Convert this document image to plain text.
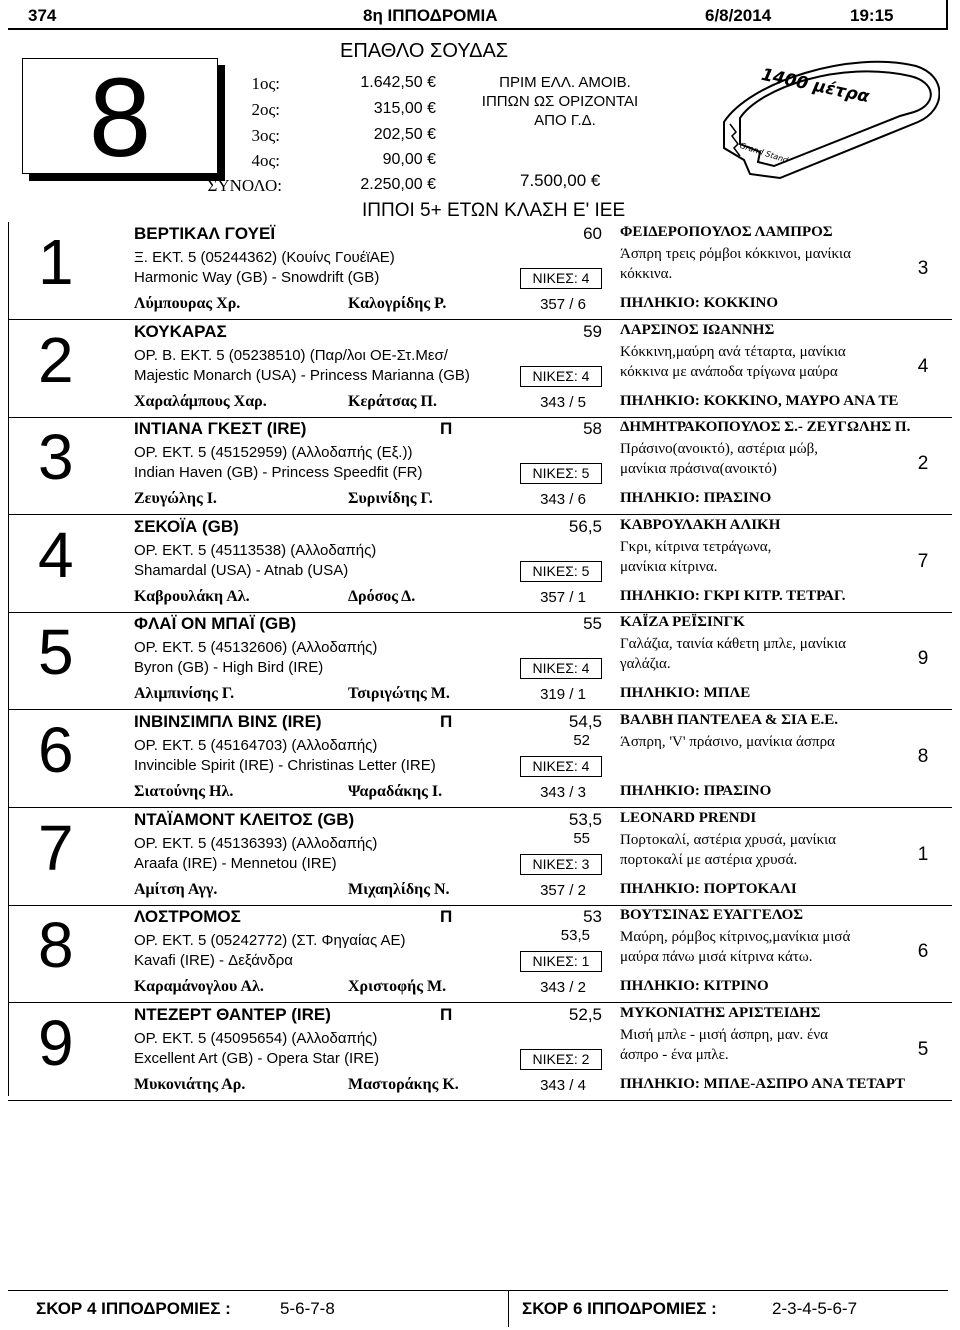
374	8η ΙΠΠΟΔΡΟΜΙΑ	6/8/2014	19:15
8
ΕΠΑΘΛΟ ΣΟΥΔΑΣ
1ος:	1.642,50 €
2ος:	315,00 €
3ος:	202,50 €
4ος:	90,00 €
ΣΥΝΟΛΟ:	2.250,00 €
ΠΡΙΜ ΕΛΛ. ΑΜΟΙΒ.
ΙΠΠΩΝ ΩΣ ΟΡΙΖΟΝΤΑΙ
ΑΠΟ Γ.Δ.
7.500,00 €
1400 μέτρα
Grand Stand
ΙΠΠΟΙ 5+ ΕΤΩΝ ΚΛΑΣΗ Ε' ΙΕΕ
1	ΒΕΡΤΙΚΑΛ ΓΟΥΕΪ	60
Ξ. ΕΚΤ. 5 (05244362) (Κουίνς ΓουέϊΑΕ)
Harmonic Way (GB) - Snowdrift (GB)	ΝΙΚΕΣ: 4
Λύμπουρας Χρ.	Καλογρίδης Ρ.	357 / 6
ΦΕΙΔΕΡΟΠΟΥΛΟΣ ΛΑΜΠΡΟΣ
Άσπρη τρεις ρόμβοι κόκκινοι, μανίκια
κόκκινα.
ΠΗΛΗΚΙΟ: ΚΟΚΚΙΝΟ
3
2	ΚΟΥΚΑΡΑΣ	59
ΟΡ. Β. ΕΚΤ. 5 (05238510) (Παρ/λοι ΟΕ-Στ.Μεσ/
Majestic Monarch (USA) - Princess Marianna (GB)	ΝΙΚΕΣ: 4
Χαραλάμπους Χαρ.	Κεράτσας Π.	343 / 5
ΛΑΡΣΙΝΟΣ ΙΩΑΝΝΗΣ
Κόκκινη,μαύρη ανά τέταρτα, μανίκια
κόκκινα με ανάποδα τρίγωνα μαύρα
ΠΗΛΗΚΙΟ: ΚΟΚΚΙΝΟ, ΜΑΥΡΟ ΑΝΑ ΤΕ
4
3	ΙΝΤΙΑΝΑ ΓΚΕΣΤ (IRE)	Π	58
ΟΡ. ΕΚΤ. 5 (45152959) (Αλλοδαπής (Εξ.))
Indian Haven (GB) - Princess Speedfit (FR)	ΝΙΚΕΣ: 5
Ζευγώλης Ι.	Συρινίδης Γ.	343 / 6
ΔΗΜΗΤΡΑΚΟΠΟΥΛΟΣ Σ.- ΖΕΥΓΩΛΗΣ Π.
Πράσινο(ανοικτό), αστέρια μώβ,
μανίκια πράσινα(ανοικτό)
ΠΗΛΗΚΙΟ: ΠΡΑΣΙΝΟ
2
4	ΣΕΚΟΪΑ (GB)	56,5
ΟΡ. ΕΚΤ. 5 (45113538) (Αλλοδαπής)
Shamardal (USA) - Atnab (USA)	ΝΙΚΕΣ: 5
Καβρουλάκη Αλ.	Δρόσος Δ.	357 / 1
ΚΑΒΡΟΥΛΑΚΗ ΑΛΙΚΗ
Γκρι, κίτρινα τετράγωνα,
μανίκια κίτρινα.
ΠΗΛΗΚΙΟ: ΓΚΡΙ ΚΙΤΡ. ΤΕΤΡΑΓ.
7
5	ΦΛΑΪ ΟΝ ΜΠΑΪ (GB)	55
ΟΡ. ΕΚΤ. 5 (45132606) (Αλλοδαπής)
Byron (GB) - High Bird (IRE)	ΝΙΚΕΣ: 4
Αλιμπινίσης Γ.	Τσιριγώτης Μ.	319 / 1
ΚΑΪΖΑ ΡΕΪΣΙΝΓΚ
Γαλάζια, ταινία κάθετη μπλε, μανίκια
γαλάζια.
ΠΗΛΗΚΙΟ: ΜΠΛΕ
9
6	ΙΝΒΙΝΣΙΜΠΛ ΒΙΝΣ (IRE)	Π	54,5
52
ΟΡ. ΕΚΤ. 5 (45164703) (Αλλοδαπής)
Invincible Spirit (IRE) - Christinas Letter (IRE)	ΝΙΚΕΣ: 4
Σιατούνης Ηλ.	Ψαραδάκης Ι.	343 / 3
ΒΑΛΒΗ ΠΑΝΤΕΛΕΑ & ΣΙΑ Ε.Ε.
Άσπρη, 'V' πράσινο, μανίκια άσπρα
ΠΗΛΗΚΙΟ: ΠΡΑΣΙΝΟ
8
7	ΝΤΑΪΑΜΟΝΤ ΚΛΕΙΤΟΣ (GB)	53,5
55
ΟΡ. ΕΚΤ. 5 (45136393) (Αλλοδαπής)
Araafa (IRE) - Mennetou (IRE)	ΝΙΚΕΣ: 3
Αμίτση Αγγ.	Μιχαηλίδης Ν.	357 / 2
LEONARD PRENDI
Πορτοκαλί, αστέρια χρυσά, μανίκια
πορτοκαλί με αστέρια χρυσά.
ΠΗΛΗΚΙΟ: ΠΟΡΤΟΚΑΛΙ
1
8	ΛΟΣΤΡΟΜΟΣ	Π	53
53,5
ΟΡ. ΕΚΤ. 5 (05242772) (ΣΤ. Φηγαίας ΑΕ)
Kavafi (IRE) - Δεξάνδρα	ΝΙΚΕΣ: 1
Καραμάνογλου Αλ.	Χριστοφής Μ.	343 / 2
ΒΟΥΤΣΙΝΑΣ ΕΥΑΓΓΕΛΟΣ
Μαύρη, ρόμβος κίτρινος,μανίκια μισά
μαύρα πάνω μισά κίτρινα κάτω.
ΠΗΛΗΚΙΟ: ΚΙΤΡΙΝΟ
6
9	ΝΤΕΖΕΡΤ ΘΑΝΤΕΡ (IRE)	Π	52,5
ΟΡ. ΕΚΤ. 5 (45095654) (Αλλοδαπής)
Excellent Art (GB) - Opera Star (IRE)	ΝΙΚΕΣ: 2
Μυκονιάτης Αρ.	Μαστοράκης Κ.	343 / 4
ΜΥΚΟΝΙΑΤΗΣ ΑΡΙΣΤΕΙΔΗΣ
Μισή μπλε - μισή άσπρη, μαν. ένα
άσπρο - ένα μπλε.
ΠΗΛΗΚΙΟ: ΜΠΛΕ-ΑΣΠΡΟ ΑΝΑ ΤΕΤΑΡΤ
5
ΣΚΟΡ 4 ΙΠΠΟΔΡΟΜΙΕΣ :	5-6-7-8	ΣΚΟΡ 6 ΙΠΠΟΔΡΟΜΙΕΣ :	2-3-4-5-6-7
